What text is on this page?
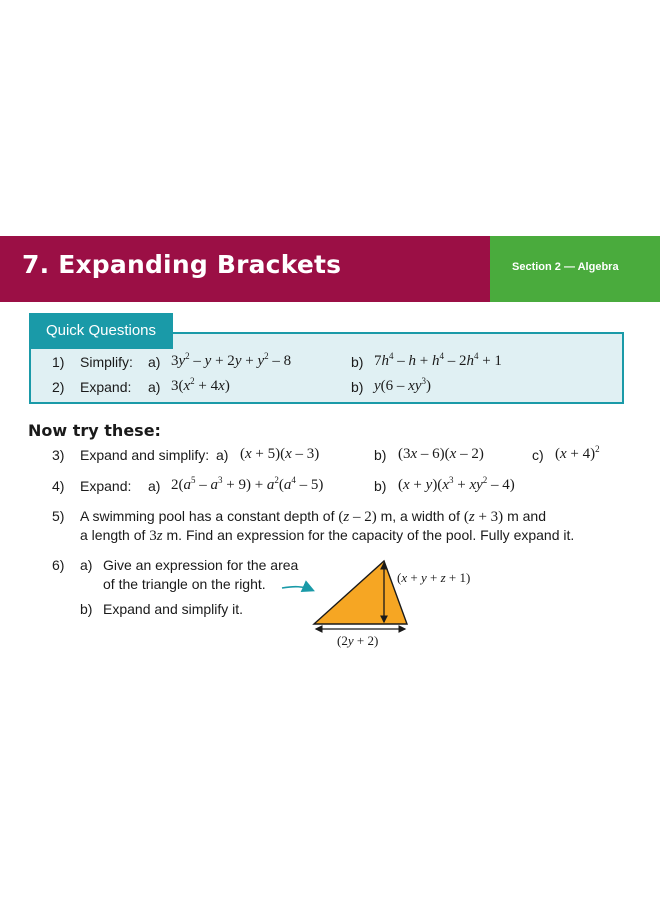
7. Expanding Brackets	Section 2 — Algebra
Quick Questions
1) Simplify: a) $3y^2 - y + 2y + y^2 - 8$	b) $7h^4 - h + h^4 - 2h^4 + 1$
2) Expand: a) $3(x^2 + 4x)$	b) $y(6 - xy^3)$
Now try these:
3) Expand and simplify: a) (x + 5)(x – 3)	b) (3x – 6)(x – 2)	c) $(x + 4)^2$
4) Expand: a) $2(a^5 - a^3 + 9) + a^2(a^4 - 5)$	b) $(x + y)(x^3 + xy^2 - 4)$
5) A swimming pool has a constant depth of (z – 2) m, a width of (z + 3) m and
a length of 3z m. Find an expression for the capacity of the pool. Fully expand it.
6) a) Give an expression for the area
of the triangle on the right.
b) Expand and simplify it.
(x + y + z + 1)
(2y + 2)
